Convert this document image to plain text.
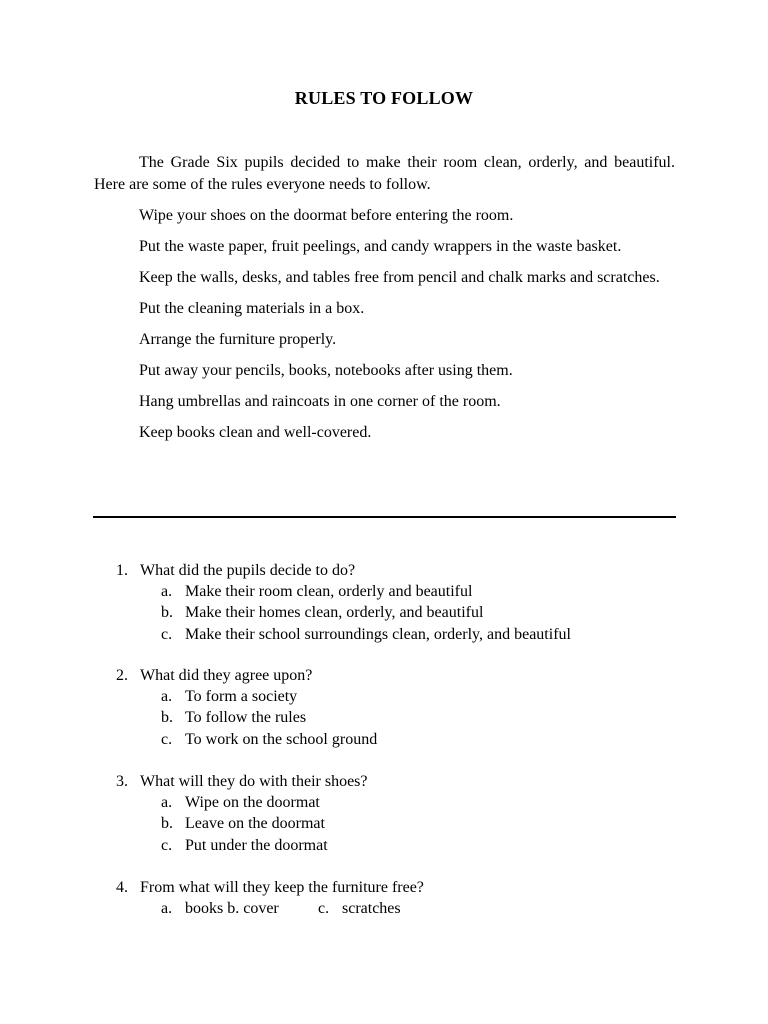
RULES TO FOLLOW

The Grade Six pupils decided to make their room clean, orderly, and beautiful. Here are some of the rules everyone needs to follow.

Wipe your shoes on the doormat before entering the room.

Put the waste paper, fruit peelings, and candy wrappers in the waste basket.

Keep the walls, desks, and tables free from pencil and chalk marks and scratches.

Put the cleaning materials in a box.

Arrange the furniture properly.

Put away your pencils, books, notebooks after using them.

Hang umbrellas and raincoats in one corner of the room.

Keep books clean and well-covered.

1. What did the pupils decide to do?
a. Make their room clean, orderly and beautiful
b. Make their homes clean, orderly, and beautiful
c. Make their school surroundings clean, orderly, and beautiful
2. What did they agree upon?
a. To form a society
b. To follow the rules
c. To work on the school ground
3. What will they do with their shoes?
a. Wipe on the doormat
b. Leave on the doormat
c. Put under the doormat
4. From what will they keep the furniture free?
a. books b. cover c. scratches
